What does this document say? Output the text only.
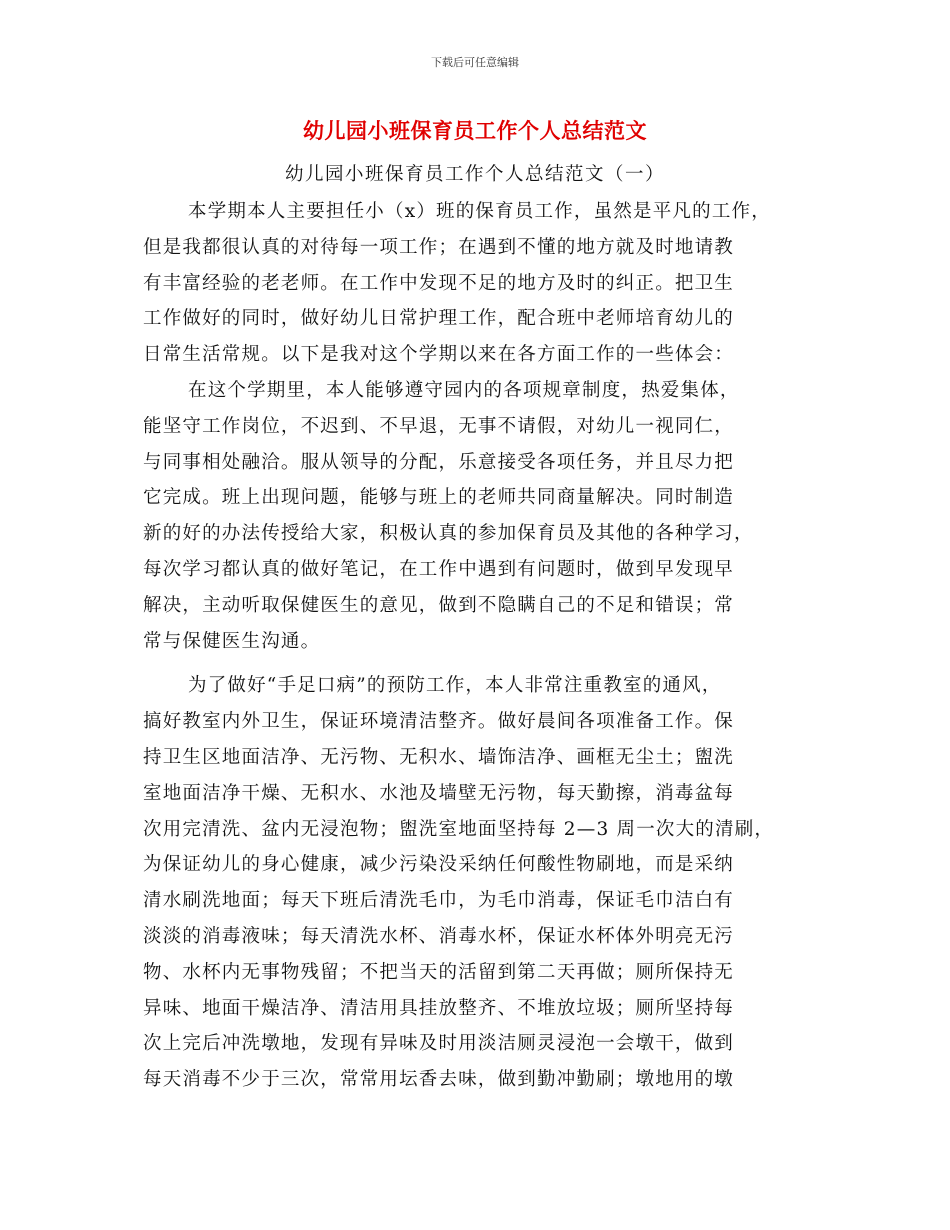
下载后可任意编辑
幼儿园小班保育员工作个人总结范文
幼儿园小班保育员工作个人总结范文（一）
本学期本人主要担任小（x）班的保育员工作，虽然是平凡的工作，
但是我都很认真的对待每一项工作；在遇到不懂的地方就及时地请教
有丰富经验的老老师。在工作中发现不足的地方及时的纠正。把卫生
工作做好的同时，做好幼儿日常护理工作，配合班中老师培育幼儿的
日常生活常规。以下是我对这个学期以来在各方面工作的一些体会：
在这个学期里，本人能够遵守园内的各项规章制度，热爱集体，
能坚守工作岗位，不迟到、不早退，无事不请假，对幼儿一视同仁，
与同事相处融洽。服从领导的分配，乐意接受各项任务，并且尽力把
它完成。班上出现问题，能够与班上的老师共同商量解决。同时制造
新的好的办法传授给大家，积极认真的参加保育员及其他的各种学习，
每次学习都认真的做好笔记，在工作中遇到有问题时，做到早发现早
解决，主动听取保健医生的意见，做到不隐瞒自己的不足和错误；常
常与保健医生沟通。
为了做好“手足口病”的预防工作，本人非常注重教室的通风，
搞好教室内外卫生，保证环境清洁整齐。做好晨间各项准备工作。保
持卫生区地面洁净、无污物、无积水、墙饰洁净、画框无尘土；盥洗
室地面洁净干燥、无积水、水池及墙壁无污物，每天勤擦，消毒盆每
次用完清洗、盆内无浸泡物；盥洗室地面坚持每 2—3 周一次大的清刷，
为保证幼儿的身心健康，减少污染没采纳任何酸性物刷地，而是采纳
清水刷洗地面；每天下班后清洗毛巾，为毛巾消毒，保证毛巾洁白有
淡淡的消毒液味；每天清洗水杯、消毒水杯，保证水杯体外明亮无污
物、水杯内无事物残留；不把当天的活留到第二天再做；厕所保持无
异味、地面干燥洁净、清洁用具挂放整齐、不堆放垃圾；厕所坚持每
次上完后冲洗墩地，发现有异味及时用淡洁厕灵浸泡一会墩干，做到
每天消毒不少于三次，常常用坛香去味，做到勤冲勤刷；墩地用的墩
